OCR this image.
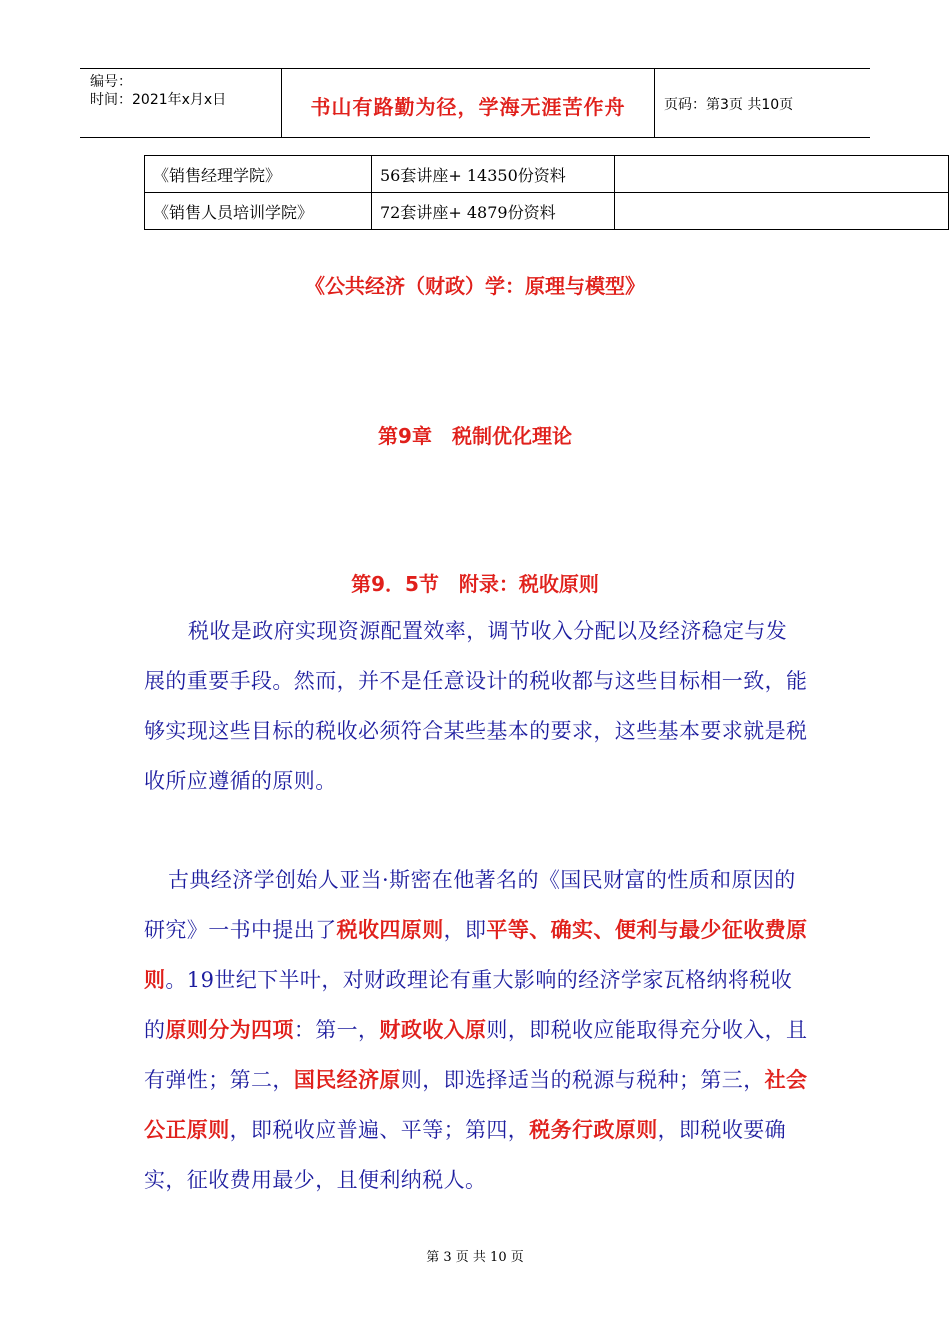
编号：
时间：2021年x月x日	书山有路勤为径，学海无涯苦作舟	页码：第3页 共10页
《销售经理学院》	56套讲座+ 14350份资料	
《销售人员培训学院》	72套讲座+ 4879份资料	
《公共经济（财政）学：原理与模型》
第9章　税制优化理论
第9．5节　附录：税收原则
税收是政府实现资源配置效率，调节收入分配以及经济稳定与发展的重要手段。然而，并不是任意设计的税收都与这些目标相一致，能够实现这些目标的税收必须符合某些基本的要求，这些基本要求就是税收所应遵循的原则。
古典经济学创始人亚当·斯密在他著名的《国民财富的性质和原因的研究》一书中提出了税收四原则，即平等、确实、便利与最少征收费原则。19世纪下半叶，对财政理论有重大影响的经济学家瓦格纳将税收的原则分为四项：第一，财政收入原则，即税收应能取得充分收入，且有弹性；第二，国民经济原则，即选择适当的税源与税种；第三，社会公正原则，即税收应普遍、平等；第四，税务行政原则，即税收要确实，征收费用最少，且便利纳税人。
第 3 页 共 10 页
